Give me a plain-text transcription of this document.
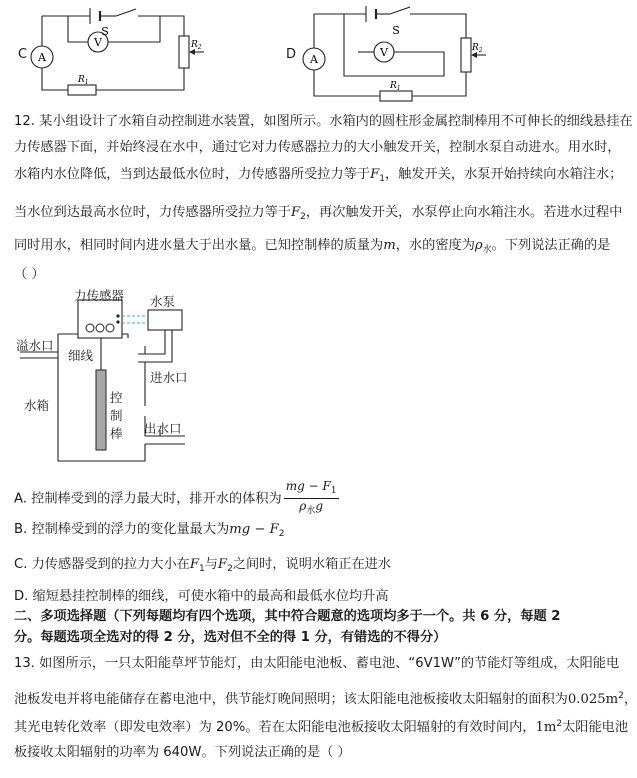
C A
V
S
$R_2$
$R_1$
D A
V
S
$R_2$
$R_1$
12. 某小组设计了水箱自动控制进水装置，如图所示。水箱内的圆柱形金属控制棒用不可伸长的细线悬挂在
力传感器下面，并始终浸在水中，通过它对力传感器拉力的大小触发开关，控制水泵自动进水。用水时，
水箱内水位降低，当到达最低水位时，力传感器所受拉力等于$F_1$，触发开关，水泵开始持续向水箱注水；
当水位到达最高水位时，力传感器所受拉力等于$F_2$，再次触发开关，水泵停止向水箱注水。若进水过程中
同时用水，相同时间内进水量大于出水量。已知控制棒的质量为m，水的密度为$\rho_水$。下列说法正确的是
（ ）
力传感器 水泵
溢水口
细线
进水口
水箱
控
制
棒 出水口
A. 控制棒受到的浮力最大时，排开水的体积为 $\frac{mg - F_1}{\rho_水g}$
B. 控制棒受到的浮力的变化量最大为mg − $F_2$
C. 力传感器受到的拉力大小在$F_1$与$F_2$之间时，说明水箱正在进水
D. 缩短悬挂控制棒的细线，可使水箱中的最高和最低水位均升高
二、多项选择题（下列每题均有四个选项，其中符合题意的选项均多于一个。共 6 分，每题 2
分。每题选项全选对的得 2 分，选对但不全的得 1 分，有错选的不得分）
13. 如图所示，一只太阳能草坪节能灯，由太阳能电池板、蓄电池、“6V1W”的节能灯等组成，太阳能电
池板发电并将电能储存在蓄电池中，供节能灯晚间照明；该太阳能电池板接收太阳辐射的面积为$0.025m^2$，
其光电转化效率（即发电效率）为 20%。若在太阳能电池板接收太阳辐射的有效时间内，$1m^2$太阳能电池
板接收太阳辐射的功率为 640W。下列说法正确的是（ ）
